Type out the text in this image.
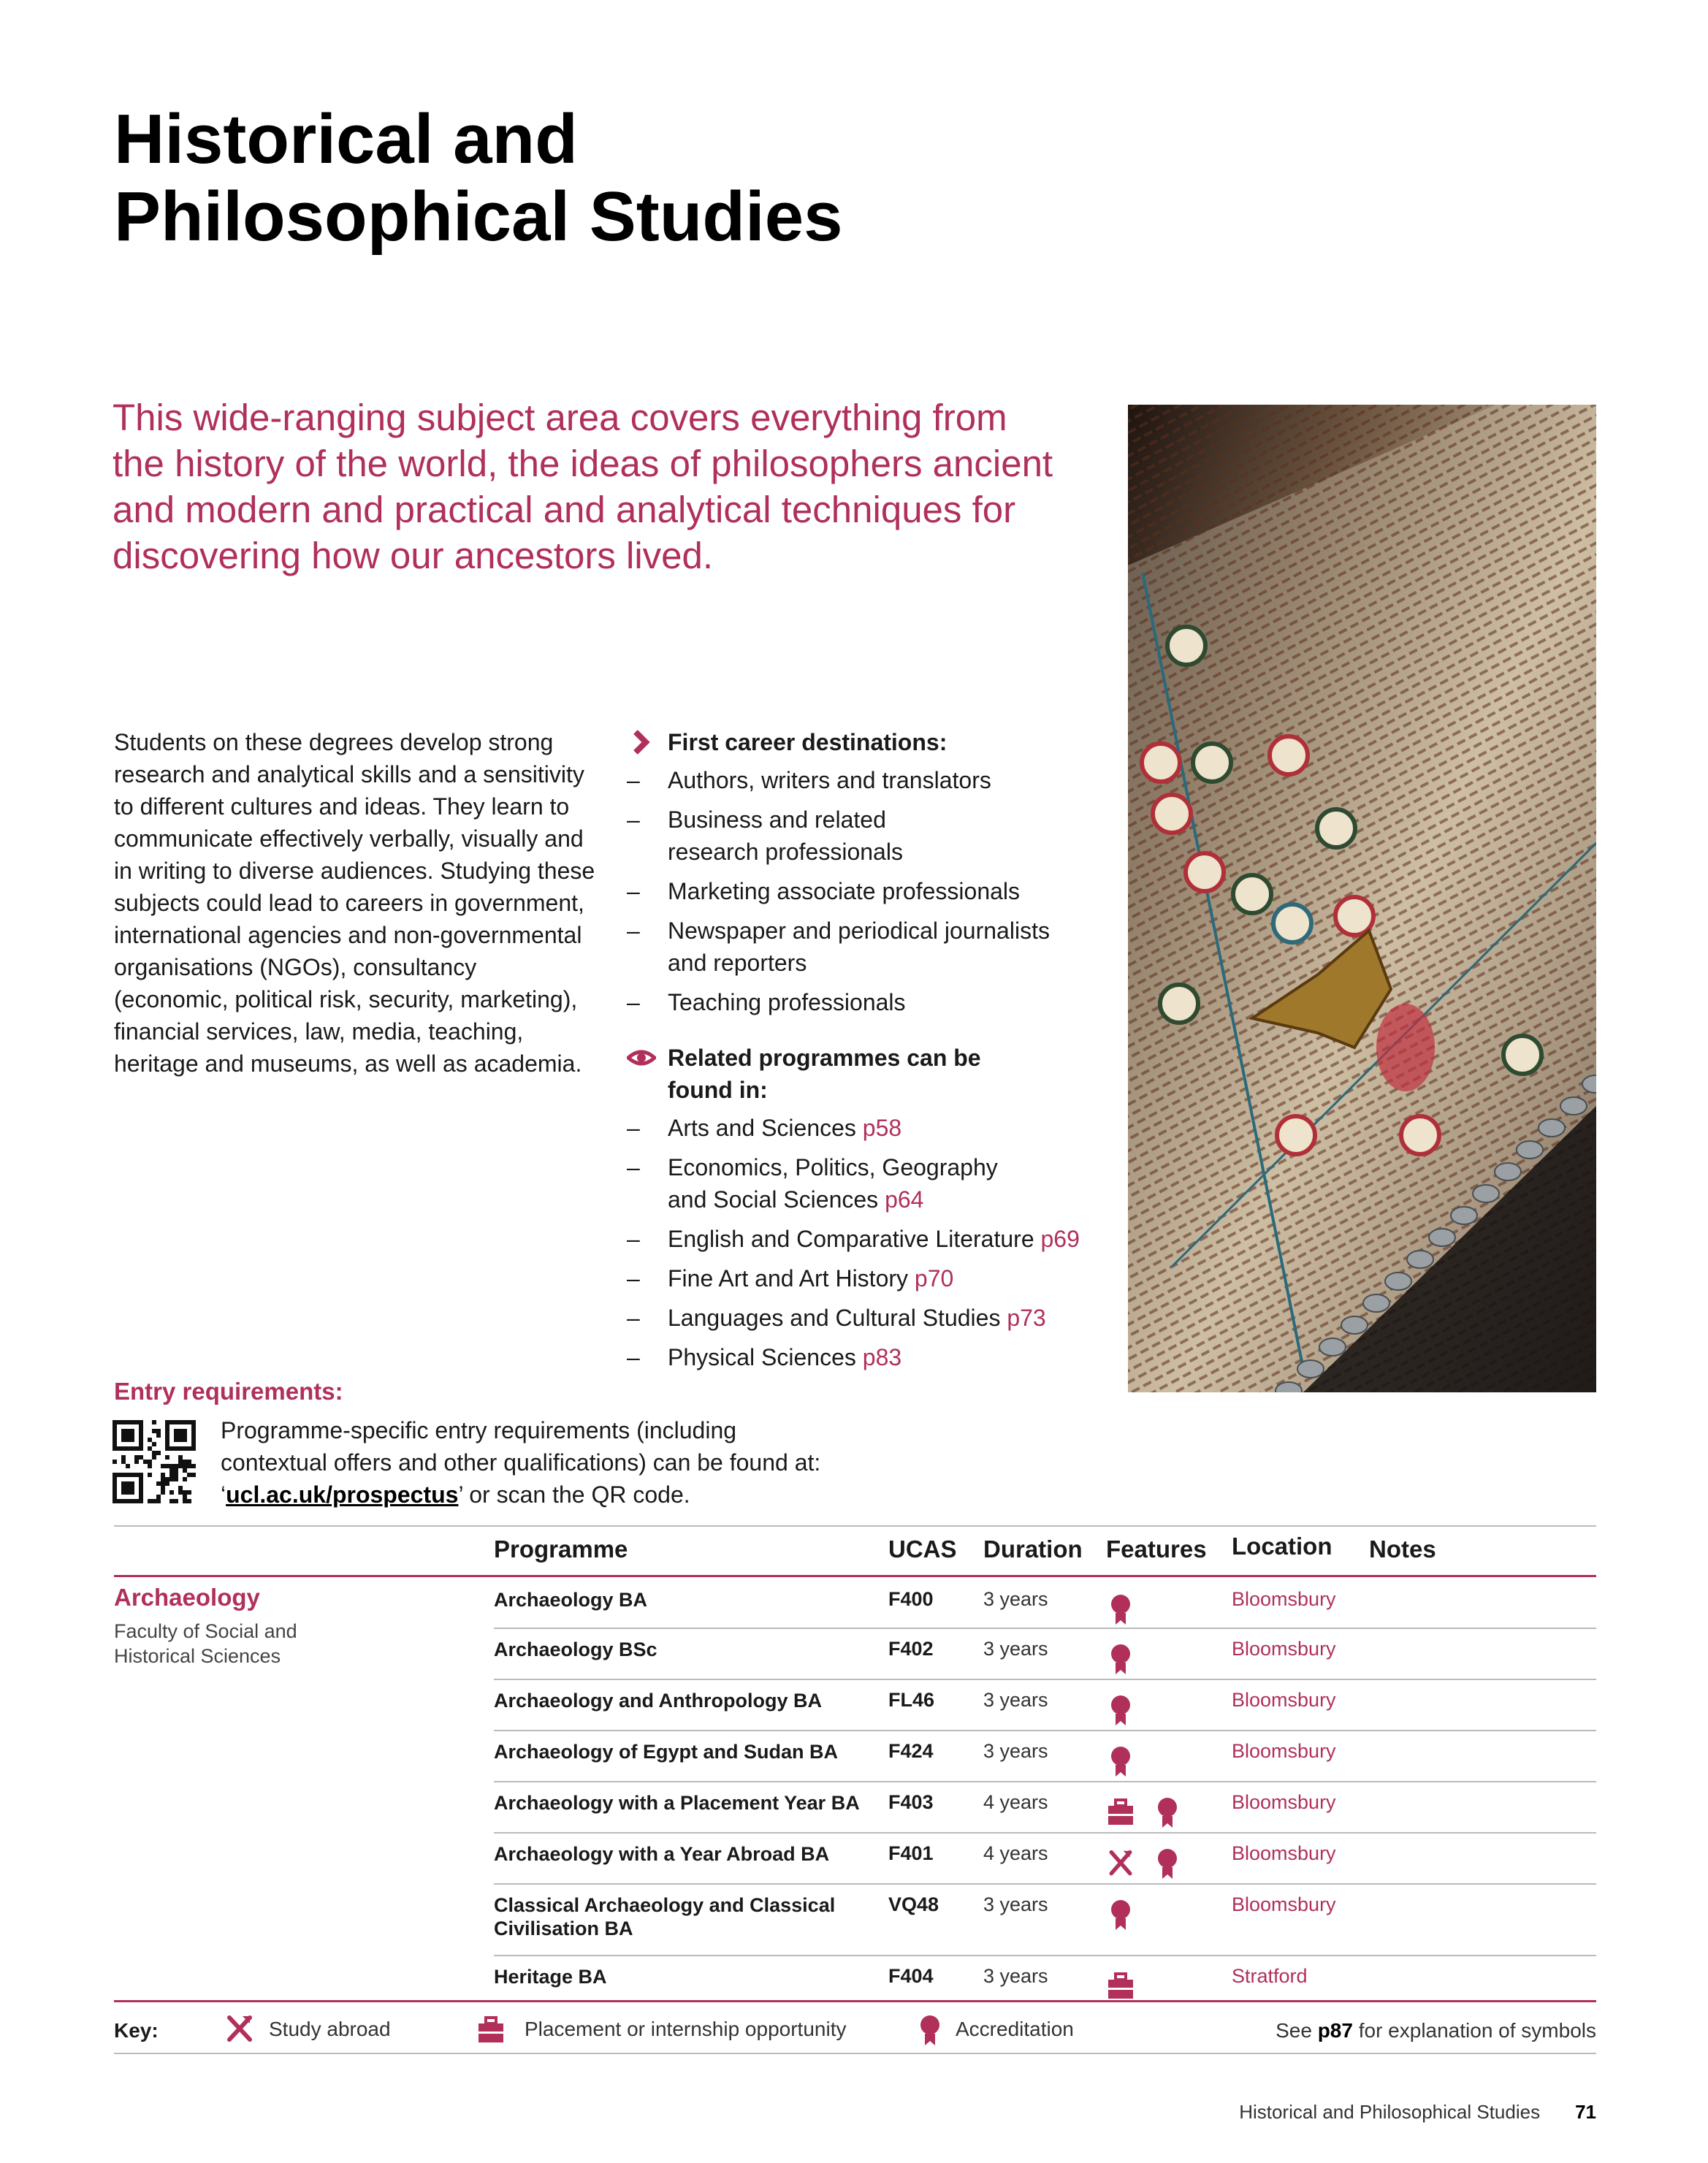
Historical and
Philosophical Studies
This wide-ranging subject area covers everything from the history of the world, the ideas of philosophers ancient and modern and practical and analytical techniques for discovering how our ancestors lived.
Students on these degrees develop strong research and analytical skills and a sensitivity to different cultures and ideas. They learn to communicate effectively verbally, visually and in writing to diverse audiences. Studying these subjects could lead to careers in government, international agencies and non-governmental organisations (NGOs), consultancy (economic, political risk, security, marketing), financial services, law, media, teaching, heritage and museums, as well as academia.
First career destinations:
– Authors, writers and translators
– Business and related research professionals
– Marketing associate professionals
– Newspaper and periodical journalists and reporters
– Teaching professionals
Related programmes can be found in:
– Arts and Sciences p58
– Economics, Politics, Geography and Social Sciences p64
– English and Comparative Literature p69
– Fine Art and Art History p70
– Languages and Cultural Studies p73
– Physical Sciences p83
Entry requirements:
Programme-specific entry requirements (including contextual offers and other qualifications) can be found at: ‘ucl.ac.uk/prospectus’ or scan the QR code.
Programme	UCAS Duration Features Location Notes
Archaeology
Faculty of Social and Historical Sciences
Archaeology BA	F400	3 years	Bloomsbury
Archaeology BSc	F402	3 years	Bloomsbury
Archaeology and Anthropology BA	FL46 3 years	Bloomsbury
Archaeology of Egypt and Sudan BA	F424	3 years	Bloomsbury
Archaeology with a Placement Year BA	F403	4 years	Bloomsbury
Archaeology with a Year Abroad BA	F401	4 years	Bloomsbury
Classical Archaeology and Classical Civilisation BA
VQ48 3 years	Bloomsbury
Heritage BA	F404	3 years	Stratford
Key:	Study abroad	Placement or internship opportunity	Accreditation	See p87 for explanation of symbols
Historical and Philosophical Studies 71
